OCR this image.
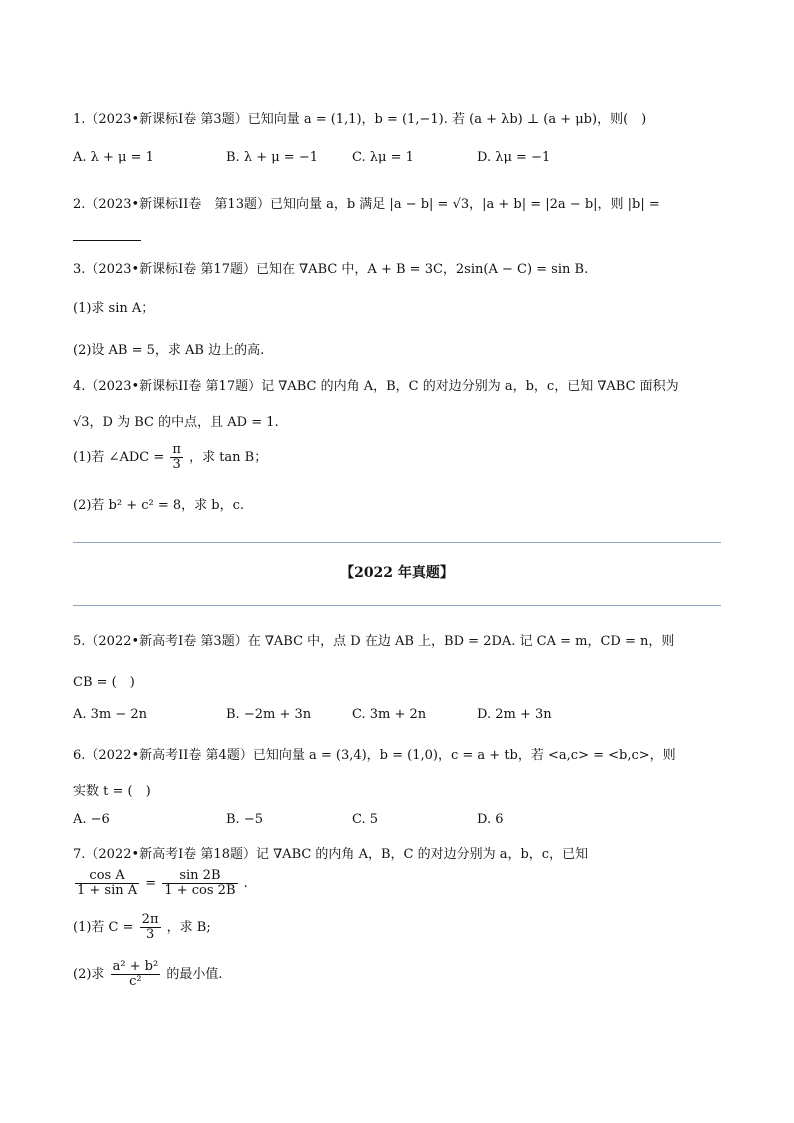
1.（2023•新课标I卷 第3题）已知向量 a = (1,1)，b = (1,−1). 若 (a + λb) ⊥ (a + μb)，则(　)
A. λ + μ = 1	B. λ + μ = −1	C. λμ = 1	D. λμ = −1
2.（2023•新课标II卷　第13题）已知向量 a，b 满足 |a − b| = √3，|a + b| = |2a − b|，则 |b| =
3.（2023•新课标I卷 第17题）已知在 ∇ABC 中，A + B = 3C，2sin(A − C) = sin B.
(1)求 sin A；
(2)设 AB = 5，求 AB 边上的高.
4.（2023•新课标II卷 第17题）记 ∇ABC 的内角 A，B，C 的对边分别为 a，b，c，已知 ∇ABC 面积为
√3，D 为 BC 的中点，且 AD = 1.
(1)若 ∠ADC = $\frac{\pi}{3}$ ，求 tan B；
(2)若 b² + c² = 8，求 b，c.
【2022 年真题】
5.（2022•新高考I卷 第3题）在 ∇ABC 中，点 D 在边 AB 上，BD = 2DA. 记 CA = m，CD = n，则
CB = (　)
A. 3m − 2n	B. −2m + 3n	C. 3m + 2n	D. 2m + 3n
6.（2022•新高考II卷 第4题）已知向量 a = (3,4)，b = (1,0)，c = a + tb，若 <a,c> = <b,c>，则
实数 t = (　)
A. −6	B. −5	C. 5	D. 6
7.（2022•新高考I卷 第18题）记 ∇ABC 的内角 A，B，C 的对边分别为 a，b，c，已知
$\frac{\text{cos A}}{\text{1 + sin A}} = \frac{\sin 2B}{1 + \cos 2B}$ .
(1)若 $C = \frac{2\pi}{3}$ ，求 B;
(2)求 $\frac{\text{a² + b²}}{\text{c²}}$ 的最小值.
